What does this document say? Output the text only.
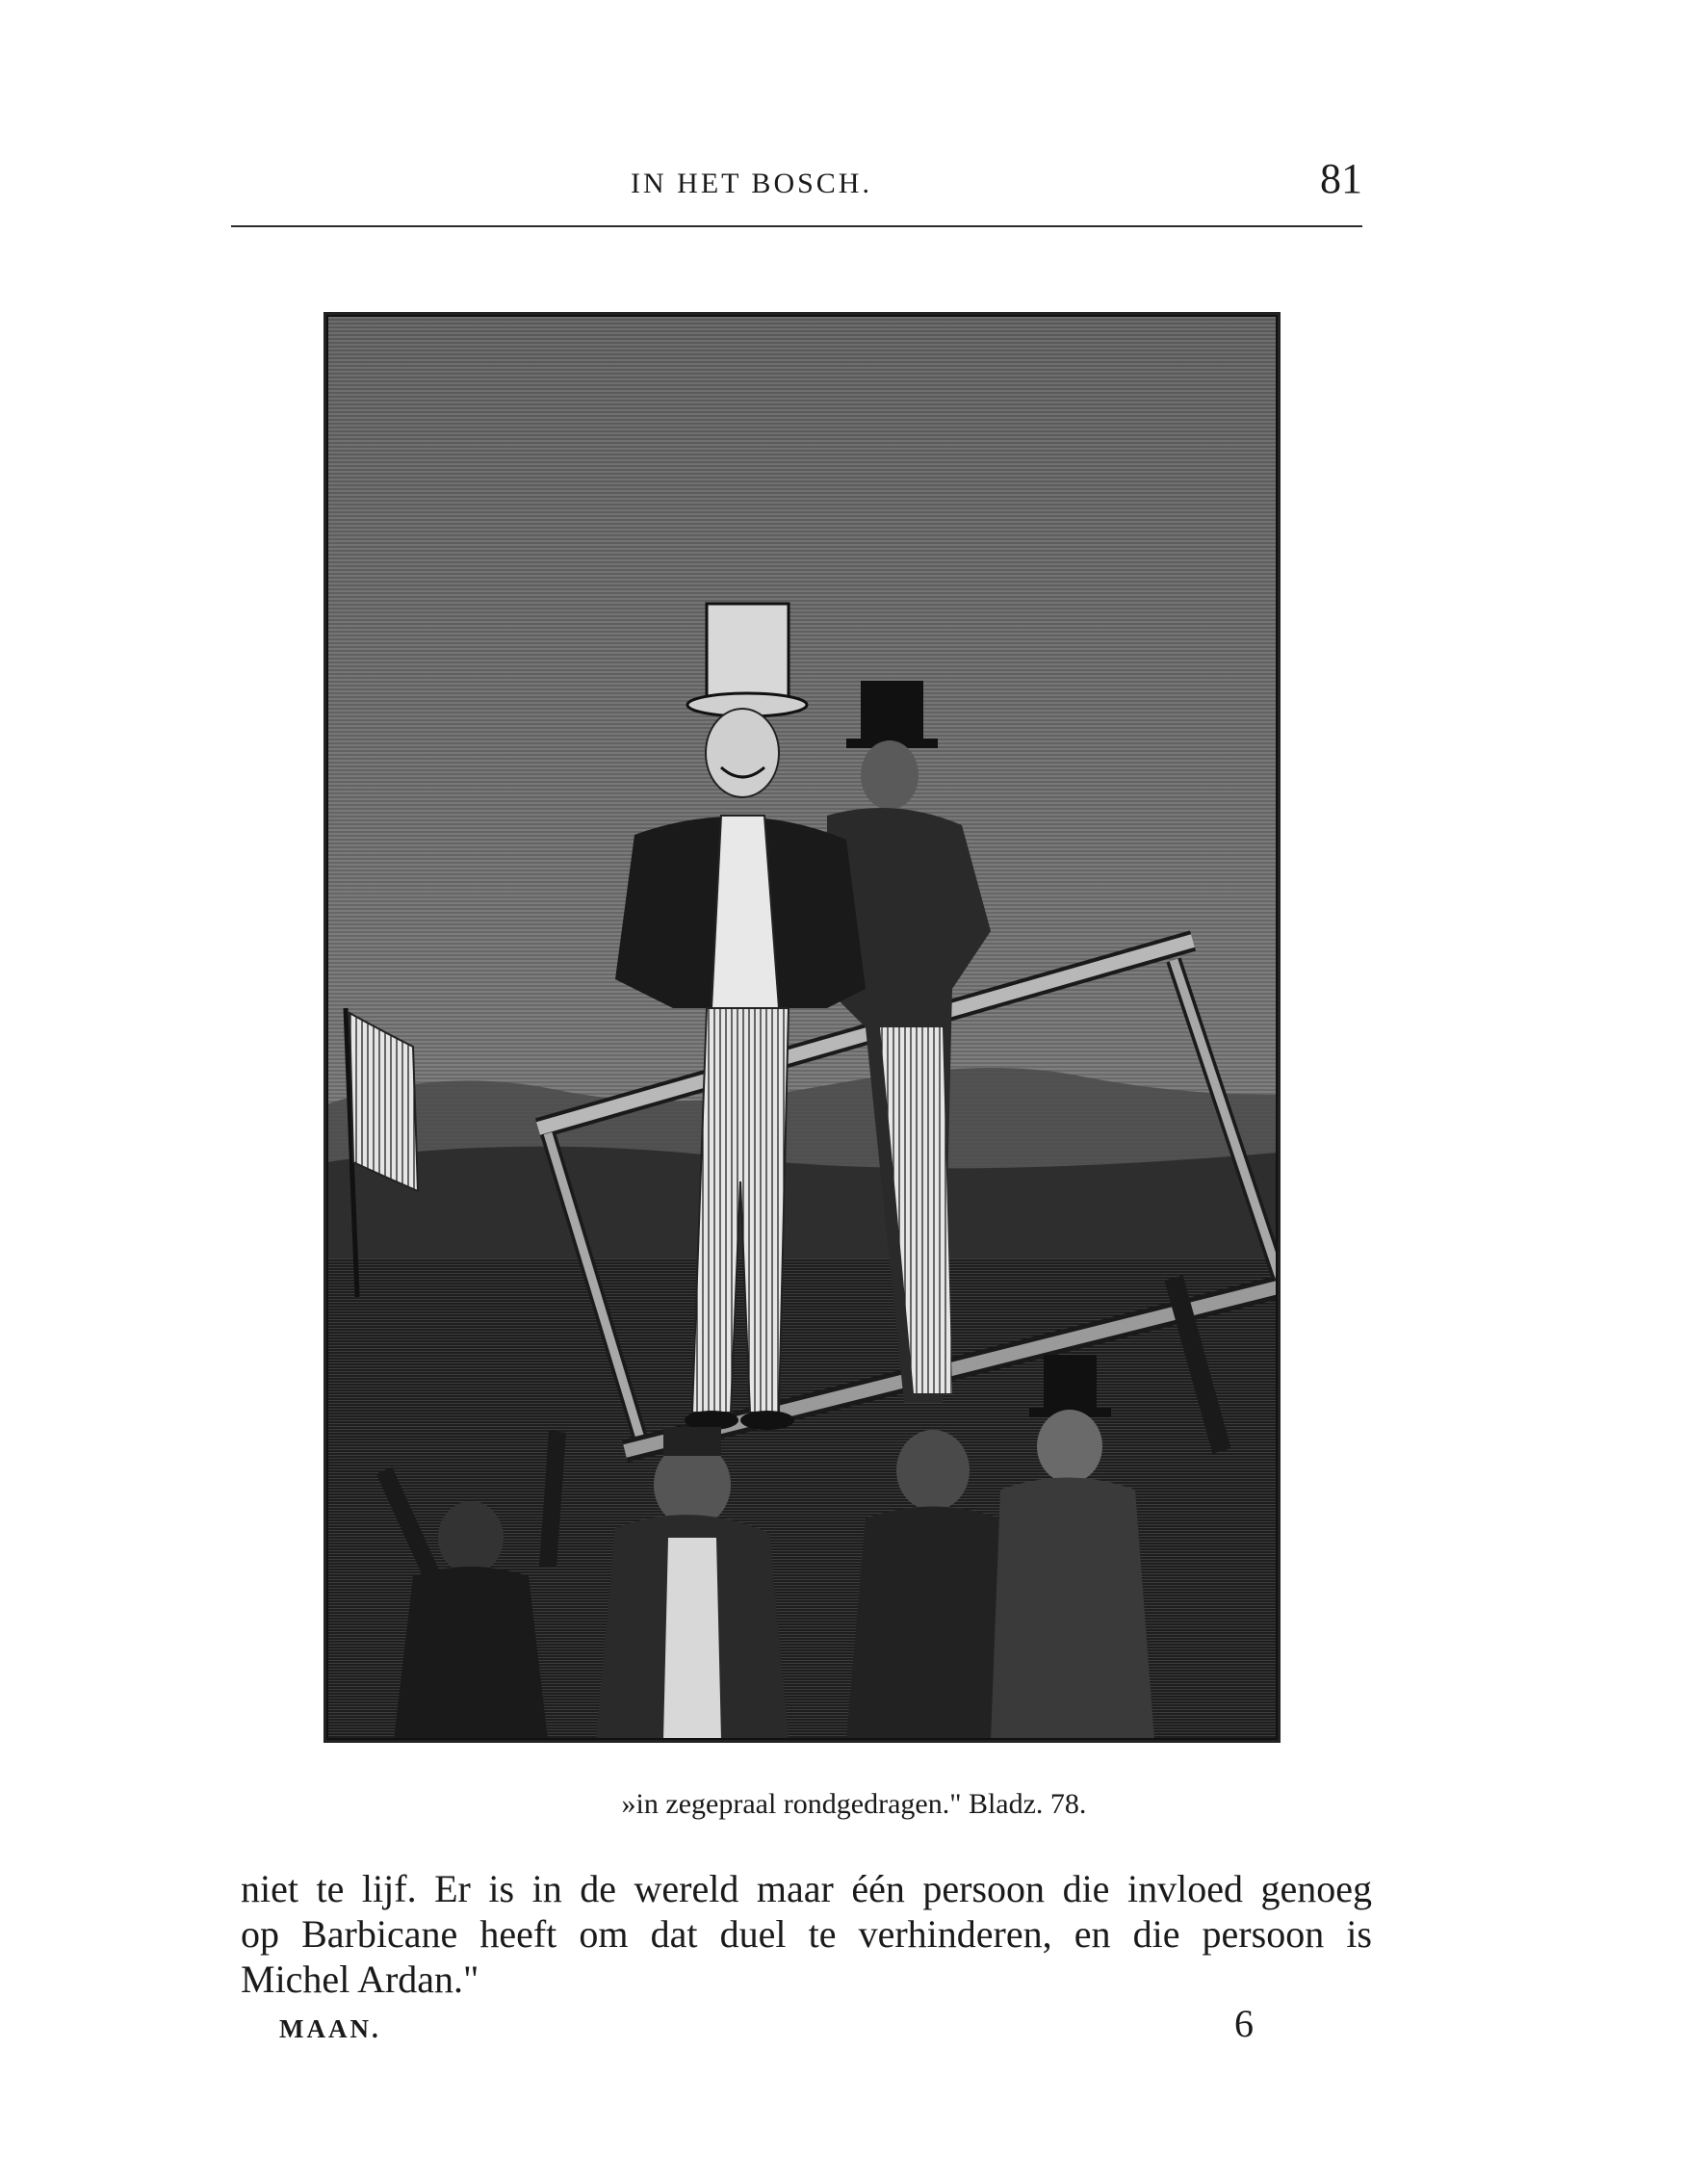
IN HET BOSCH.	81
»in zegepraal rondgedragen." Bladz. 78.
niet te lijf. Er is in de wereld maar één persoon die invloed genoeg
op Barbicane heeft om dat duel te verhinderen, en die persoon is
Michel Ardan."
MAAN.	6
